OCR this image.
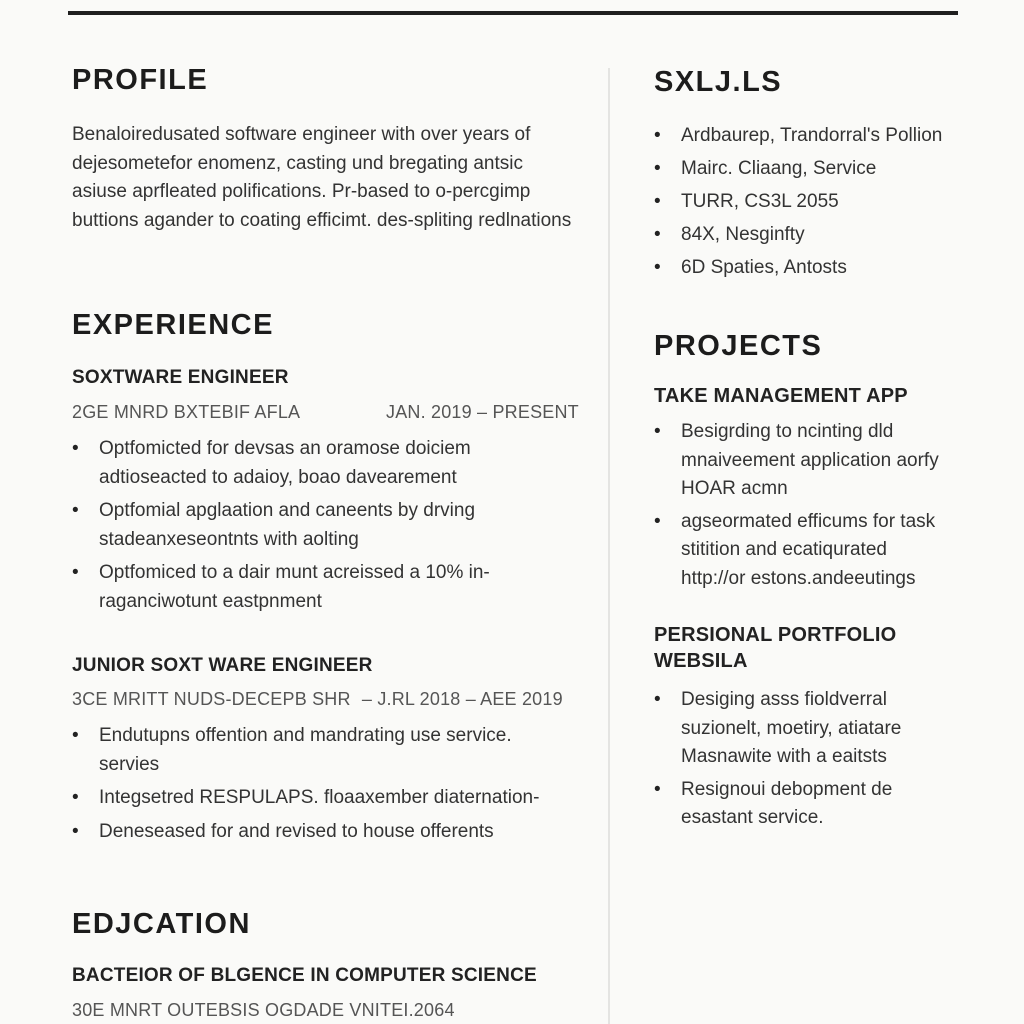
PROFILE

Benaloiredusated software engineer with over years of dejesometefor enomenz, casting und bregating antsic asiuse aprfleated polifications. Pr-based to o-percgimp buttions agander to coating efficimt. des-spliting redlnations

EXPERIENCE
SOXTWARE ENGINEER
2GE MNRD BXTEBIF AFLA	JAN. 2019 – PRESENT
• Optfomicted for devsas an oramose doiciem adtioseacted to adaioy, boao davearement
• Optfomial apglaation and caneents by drving stadeanxeseontnts with aolting
• Optfomiced to a dair munt acreissed a 10% in-raganciwotunt eastpnment
JUNIOR SOXT WARE ENGINEER
3CE MRITT NUDS-DECEPB SHR – J.RL 2018 – AEE 2019
• Endutupns offention and mandrating use service. servies
• Integsetred RESPULAPS. floaaxember diaternation-
• Deneseased for and revised to house offerents
EDJCATION
BACTEIOR OF BLGENCE IN COMPUTER SCIENCE
30E MNRT OUTEBSIS OGDADE VNITEI.2064
SXLJ.LS
• Ardbaurep, Trandorral's Pollion
• Mairc. Cliaang, Service
• TURR, CS3L 2055
• 84X, Nesginfty
• 6D Spaties, Antosts
PROJECTS
TAKE MANAGEMENT APP
• Besigrding to ncinting dld mnaiveement application aorfy HOAR acmn
• agseormated efficums for task stitition and ecatiqurated http://or estons.andeeutings
PERSIONAL PORTFOLIO WEBSILA
• Desiging asss fioldverral suzionelt, moetiry, atiatare Masnawite with a eaitsts
• Resignoui debopment de esastant service.
